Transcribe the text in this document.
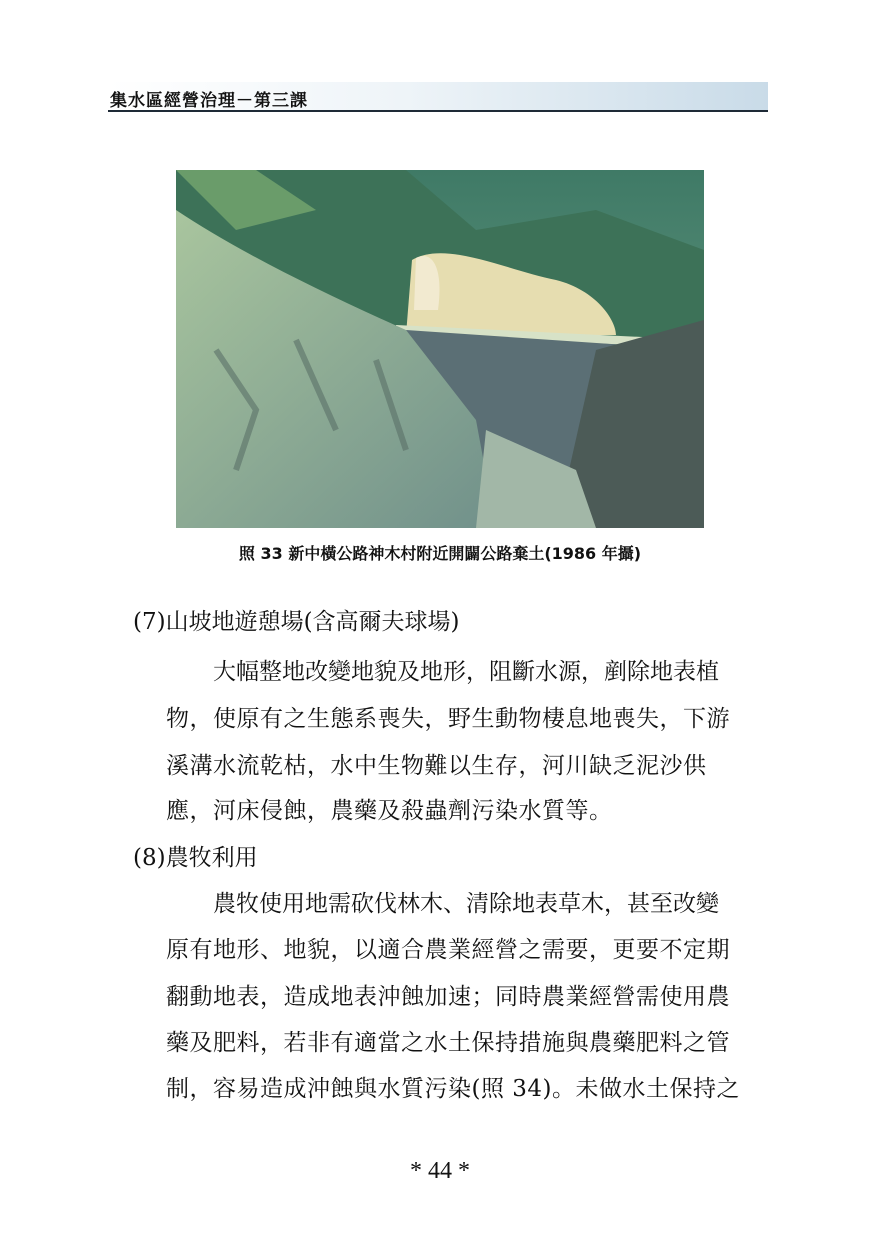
集水區經營治理－第三課
照 33 新中橫公路神木村附近開闢公路棄土(1986 年攝)
(7)山坡地遊憩場(含高爾夫球場)
大幅整地改變地貌及地形，阻斷水源，剷除地表植
物，使原有之生態系喪失，野生動物棲息地喪失，下游
溪溝水流乾枯，水中生物難以生存，河川缺乏泥沙供
應，河床侵蝕，農藥及殺蟲劑污染水質等。
(8)農牧利用
農牧使用地需砍伐林木、清除地表草木，甚至改變
原有地形、地貌，以適合農業經營之需要，更要不定期
翻動地表，造成地表沖蝕加速；同時農業經營需使用農
藥及肥料，若非有適當之水土保持措施與農藥肥料之管
制，容易造成沖蝕與水質污染(照 34)。未做水土保持之
* 44 *
